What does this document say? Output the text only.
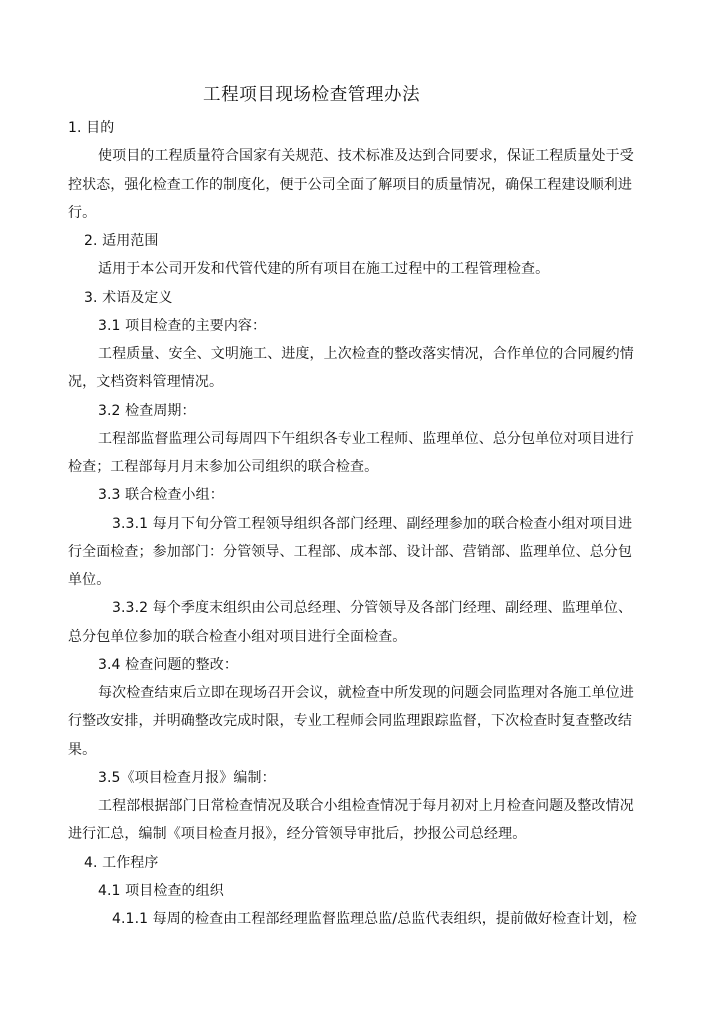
工程项目现场检查管理办法
1. 目的
使项目的工程质量符合国家有关规范、技术标准及达到合同要求，保证工程质量处于受
控状态，强化检查工作的制度化，便于公司全面了解项目的质量情况，确保工程建设顺利进
行。
2. 适用范围
适用于本公司开发和代管代建的所有项目在施工过程中的工程管理检查。
3. 术语及定义
3.1 项目检查的主要内容：
工程质量、安全、文明施工、进度，上次检查的整改落实情况，合作单位的合同履约情
况，文档资料管理情况。
3.2 检查周期：
工程部监督监理公司每周四下午组织各专业工程师、监理单位、总分包单位对项目进行
检查；工程部每月月末参加公司组织的联合检查。
3.3 联合检查小组：
3.3.1 每月下旬分管工程领导组织各部门经理、副经理参加的联合检查小组对项目进
行全面检查；参加部门：分管领导、工程部、成本部、设计部、营销部、监理单位、总分包
单位。
3.3.2 每个季度末组织由公司总经理、分管领导及各部门经理、副经理、监理单位、
总分包单位参加的联合检查小组对项目进行全面检查。
3.4 检查问题的整改：
每次检查结束后立即在现场召开会议，就检查中所发现的问题会同监理对各施工单位进
行整改安排，并明确整改完成时限，专业工程师会同监理跟踪监督，下次检查时复查整改结
果。
3.5《项目检查月报》编制：
工程部根据部门日常检查情况及联合小组检查情况于每月初对上月检查问题及整改情况
进行汇总，编制《项目检查月报》，经分管领导审批后，抄报公司总经理。
4. 工作程序
4.1 项目检查的组织
4.1.1 每周的检查由工程部经理监督监理总监/总监代表组织，提前做好检查计划，检
